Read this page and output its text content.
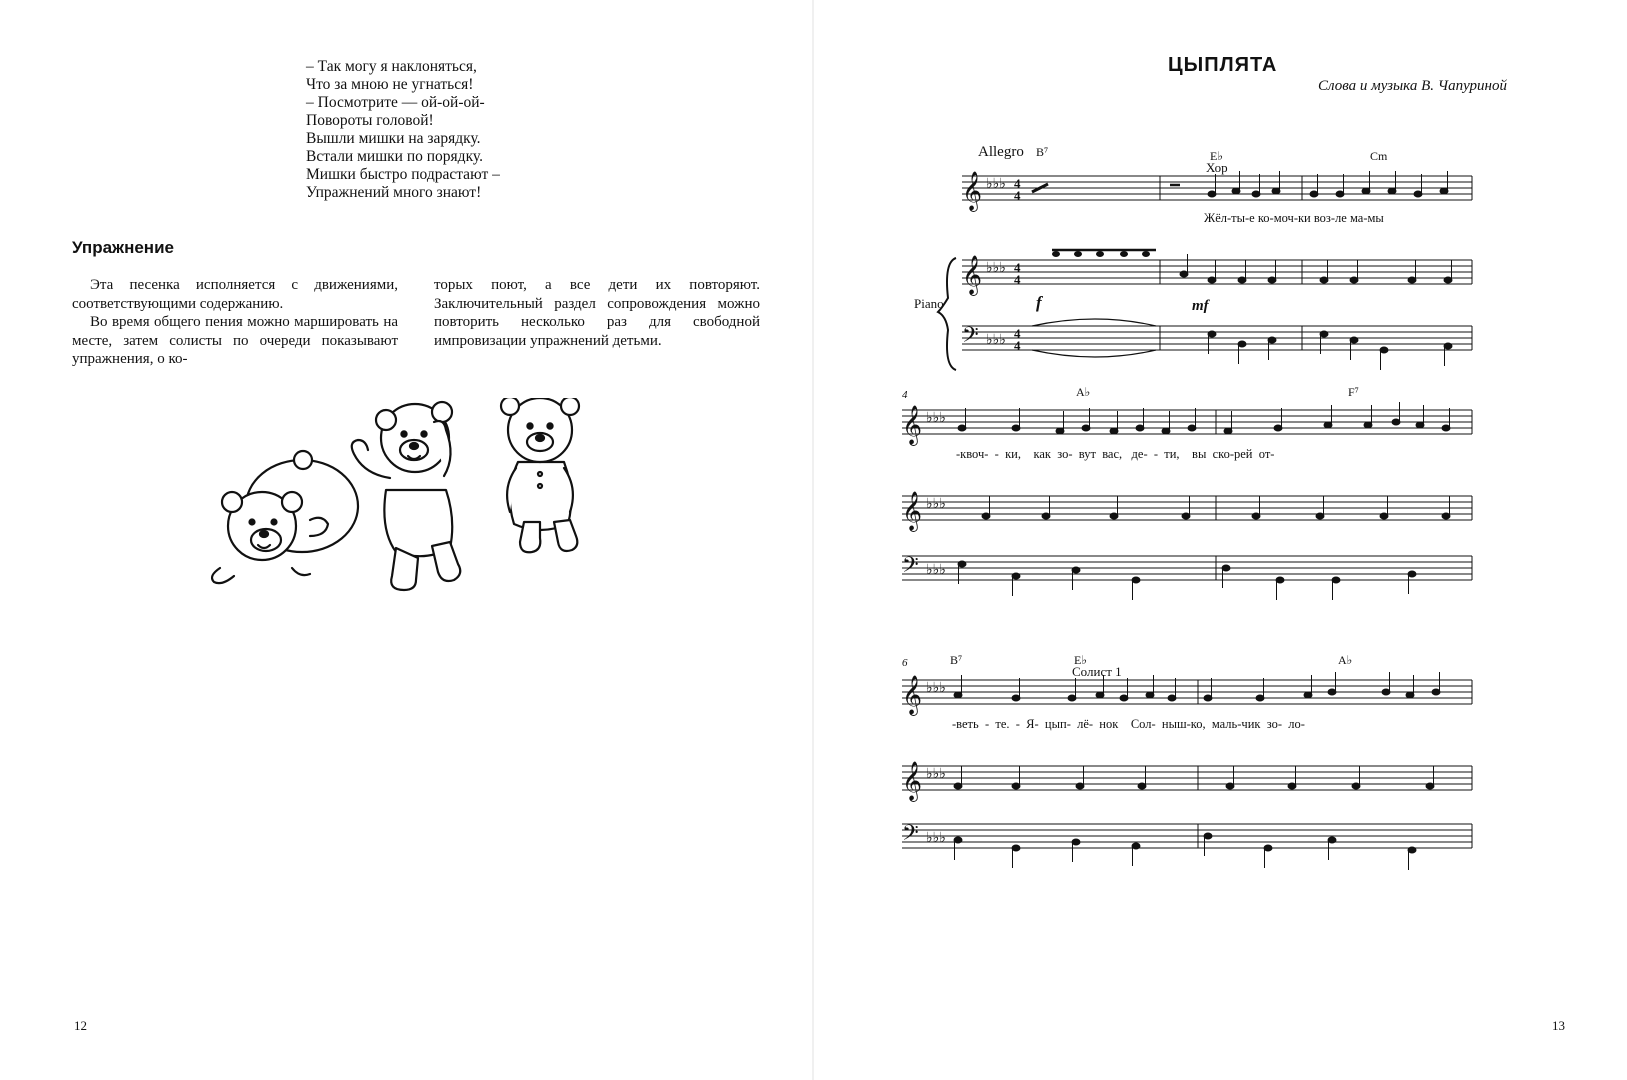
– Так могу я наклоняться,
Что за мною не угнаться!
– Посмотрите — ой-ой-ой-
Повороты головой!
Вышли мишки на зарядку.
Встали мишки по порядку.
Мишки быстро подрастают –
Упражнений много знают!
Упражнение

Эта песенка исполняется с движениями, соответствующими содержанию.

Во время общего пения можно маршировать на месте, затем солисты по очереди показывают упражнения, о ко-

торых поют, а все дети их повторяют. Заключительный раздел сопровождения можно повторить несколько раз для свободной импровизации упражнений детьми.

12
ЦЫПЛЯТА
Слова и музыка В. Чапуриной
Allegro B⁷	E♭	Cm
Хор
𝄞 ♭♭♭ 4
4
Жёл-ты-е ко-моч-ки воз-ле ма-мы
Piano
𝄞 ♭♭♭ 4
4
f	mf
𝄢 ♭♭♭ 4
4
4	A♭	F⁷
𝄞 ♭♭♭
-квоч-  -  ки,    как  зо-  вут  вас,   де-  -  ти,    вы  ско-рей  от-
𝄞 ♭♭♭
𝄢 ♭♭♭
6	B⁷	E♭	A♭
Солист 1
𝄞 ♭♭♭
-веть  -  те.  -  Я-  цып-  лё-  нок    Сол-  ныш-ко,  маль-чик  зо-  ло-
𝄞 ♭♭♭
𝄢 ♭♭♭
13
